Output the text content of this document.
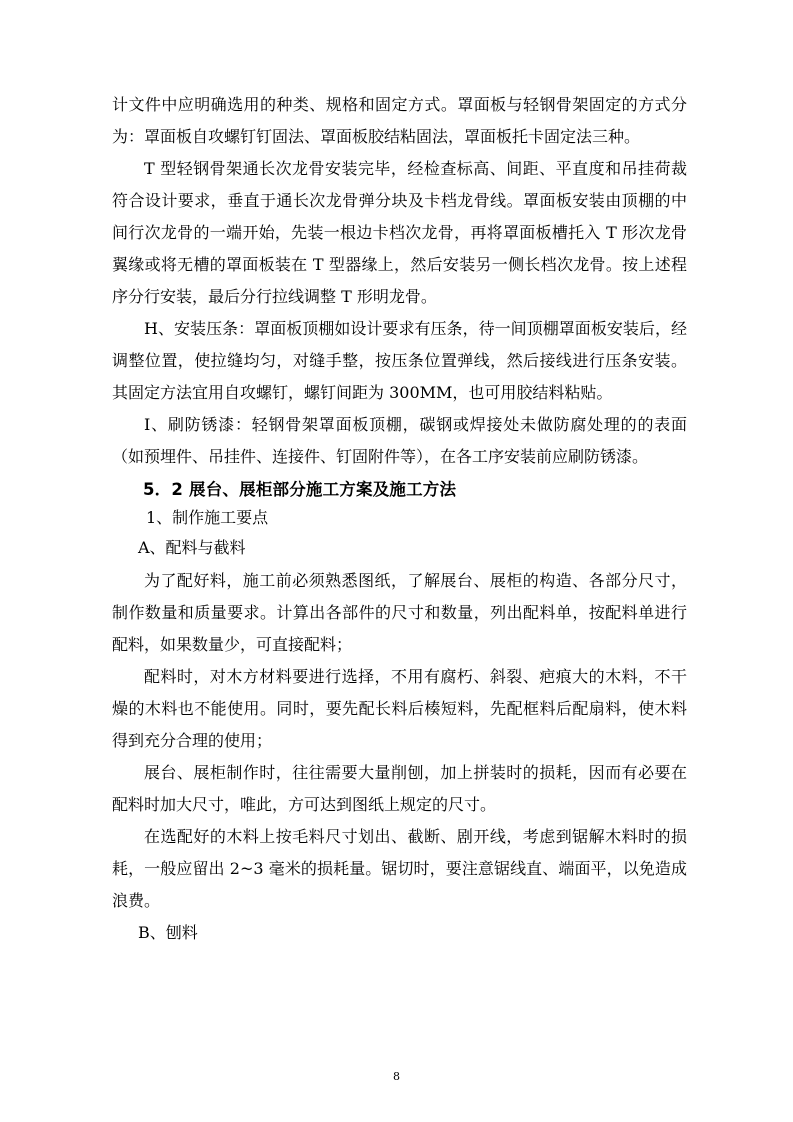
计文件中应明确选用的种类、规格和固定方式。罩面板与轻钢骨架固定的方式分为：罩面板自攻螺钉钉固法、罩面板胶结粘固法，罩面板托卡固定法三种。

T 型轻钢骨架通长次龙骨安装完毕，经检查标高、间距、平直度和吊挂荷裁符合设计要求，垂直于通长次龙骨弹分块及卡档龙骨线。罩面板安装由顶棚的中间行次龙骨的一端开始，先装一根边卡档次龙骨，再将罩面板槽托入 T 形次龙骨翼缘或将无槽的罩面板装在 T 型器缘上，然后安装另一侧长档次龙骨。按上述程序分行安装，最后分行拉线调整 T 形明龙骨。

H、安装压条：罩面板顶棚如设计要求有压条，待一间顶棚罩面板安装后，经调整位置，使拉缝均匀，对缝手整，按压条位置弹线，然后接线进行压条安装。其固定方法宜用自攻螺钉，螺钉间距为 300MM，也可用胶结料粘贴。

I、刷防锈漆：轻钢骨架罩面板顶棚，碳钢或焊接处未做防腐处理的的表面（如预埋件、吊挂件、连接件、钉固附件等），在各工序安装前应刷防锈漆。

5．2 展台、展柜部分施工方案及施工方法

1、制作施工要点

A、配料与截料

为了配好料，施工前必须熟悉图纸，了解展台、展柜的构造、各部分尺寸，制作数量和质量要求。计算出各部件的尺寸和数量，列出配料单，按配料单进行配料，如果数量少，可直接配料；

配料时，对木方材料要进行选择，不用有腐朽、斜裂、疤痕大的木料，不干燥的木料也不能使用。同时，要先配长料后楱短料，先配框料后配扇料，使木料得到充分合理的使用；

展台、展柜制作时，往往需要大量削刨，加上拼装时的损耗，因而有必要在配料时加大尺寸，唯此，方可达到图纸上规定的尺寸。

在选配好的木料上按毛料尺寸划出、截断、剧开线，考虑到锯解木料时的损耗，一般应留出 2~3 毫米的损耗量。锯切时，要注意锯线直、端面平，以免造成浪费。

B、刨料

8
